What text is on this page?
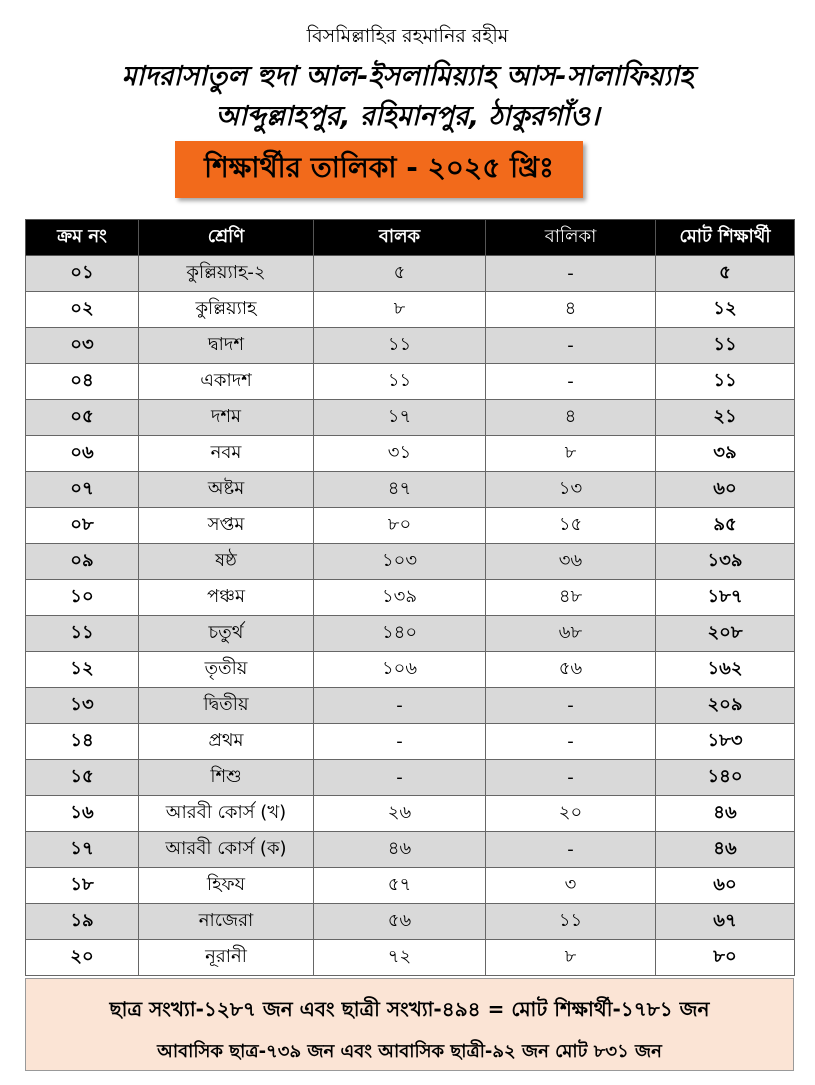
বিসমিল্লাহির রহমানির রহীম
মাদরাসাতুল হুদা আল-ইসলামিয়্যাহ আস-সালাফিয়্যাহ
আব্দুল্লাহপুর, রহিমানপুর, ঠাকুরগাঁও।
শিক্ষার্থীর তালিকা - ২০২৫ খ্রিঃ
ক্রম নং	শ্রেণি	বালক	বালিকা	মোট শিক্ষার্থী
০১	কুল্লিয়্যাহ-২	৫	-	৫
০২	কুল্লিয়্যাহ	৮	৪	১২
০৩	দ্বাদশ	১১	-	১১
০৪	একাদশ	১১	-	১১
০৫	দশম	১৭	৪	২১
০৬	নবম	৩১	৮	৩৯
০৭	অষ্টম	৪৭	১৩	৬০
০৮	সপ্তম	৮০	১৫	৯৫
০৯	ষষ্ঠ	১০৩	৩৬	১৩৯
১০	পঞ্চম	১৩৯	৪৮	১৮৭
১১	চতুর্থ	১৪০	৬৮	২০৮
১২	তৃতীয়	১০৬	৫৬	১৬২
১৩	দ্বিতীয়	-	-	২০৯
১৪	প্রথম	-	-	১৮৩
১৫	শিশু	-	-	১৪০
১৬	আরবী কোর্স (খ)	২৬	২০	৪৬
১৭	আরবী কোর্স (ক)	৪৬	-	৪৬
১৮	হিফয	৫৭	৩	৬০
১৯	নাজেরা	৫৬	১১	৬৭
২০	নূরানী	৭২	৮	৮০
ছাত্র সংখ্যা-১২৮৭ জন এবং ছাত্রী সংখ্যা-৪৯৪ = মোট শিক্ষার্থী-১৭৮১ জন
আবাসিক ছাত্র-৭৩৯ জন এবং আবাসিক ছাত্রী-৯২ জন মোট ৮৩১ জন
